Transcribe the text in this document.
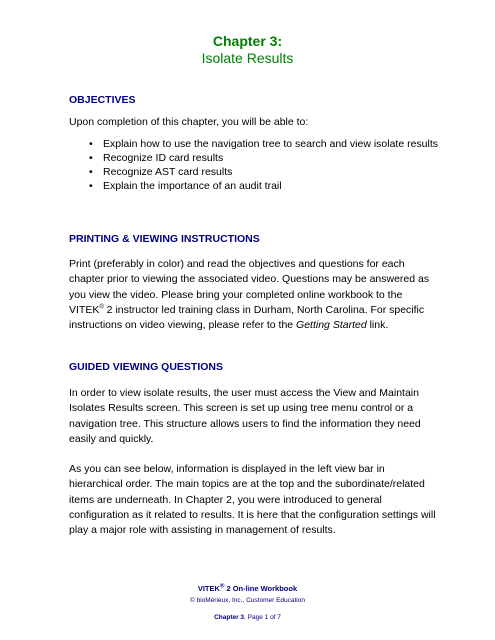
Chapter 3:
Isolate Results
OBJECTIVES
Upon completion of this chapter, you will be able to:
• Explain how to use the navigation tree to search and view isolate results
• Recognize ID card results
• Recognize AST card results
• Explain the importance of an audit trail
PRINTING & VIEWING INSTRUCTIONS

Print (preferably in color) and read the objectives and questions for each chapter prior to viewing the associated video. Questions may be answered as you view the video. Please bring your completed online workbook to the VITEK® 2 instructor led training class in Durham, North Carolina. For specific instructions on video viewing, please refer to the Getting Started link.

GUIDED VIEWING QUESTIONS
In order to view isolate results, the user must access the View and Maintain Isolates Results screen. This screen is set up using tree menu control or a navigation tree. This structure allows users to find the information they need easily and quickly.
As you can see below, information is displayed in the left view bar in hierarchical order. The main topics are at the top and the subordinate/related items are underneath. In Chapter 2, you were introduced to general configuration as it related to results. It is here that the configuration settings will play a major role with assisting in management of results.
VITEK® 2 On-line Workbook
© bioMérieux, Inc., Customer Education
Chapter 3, Page 1 of 7
